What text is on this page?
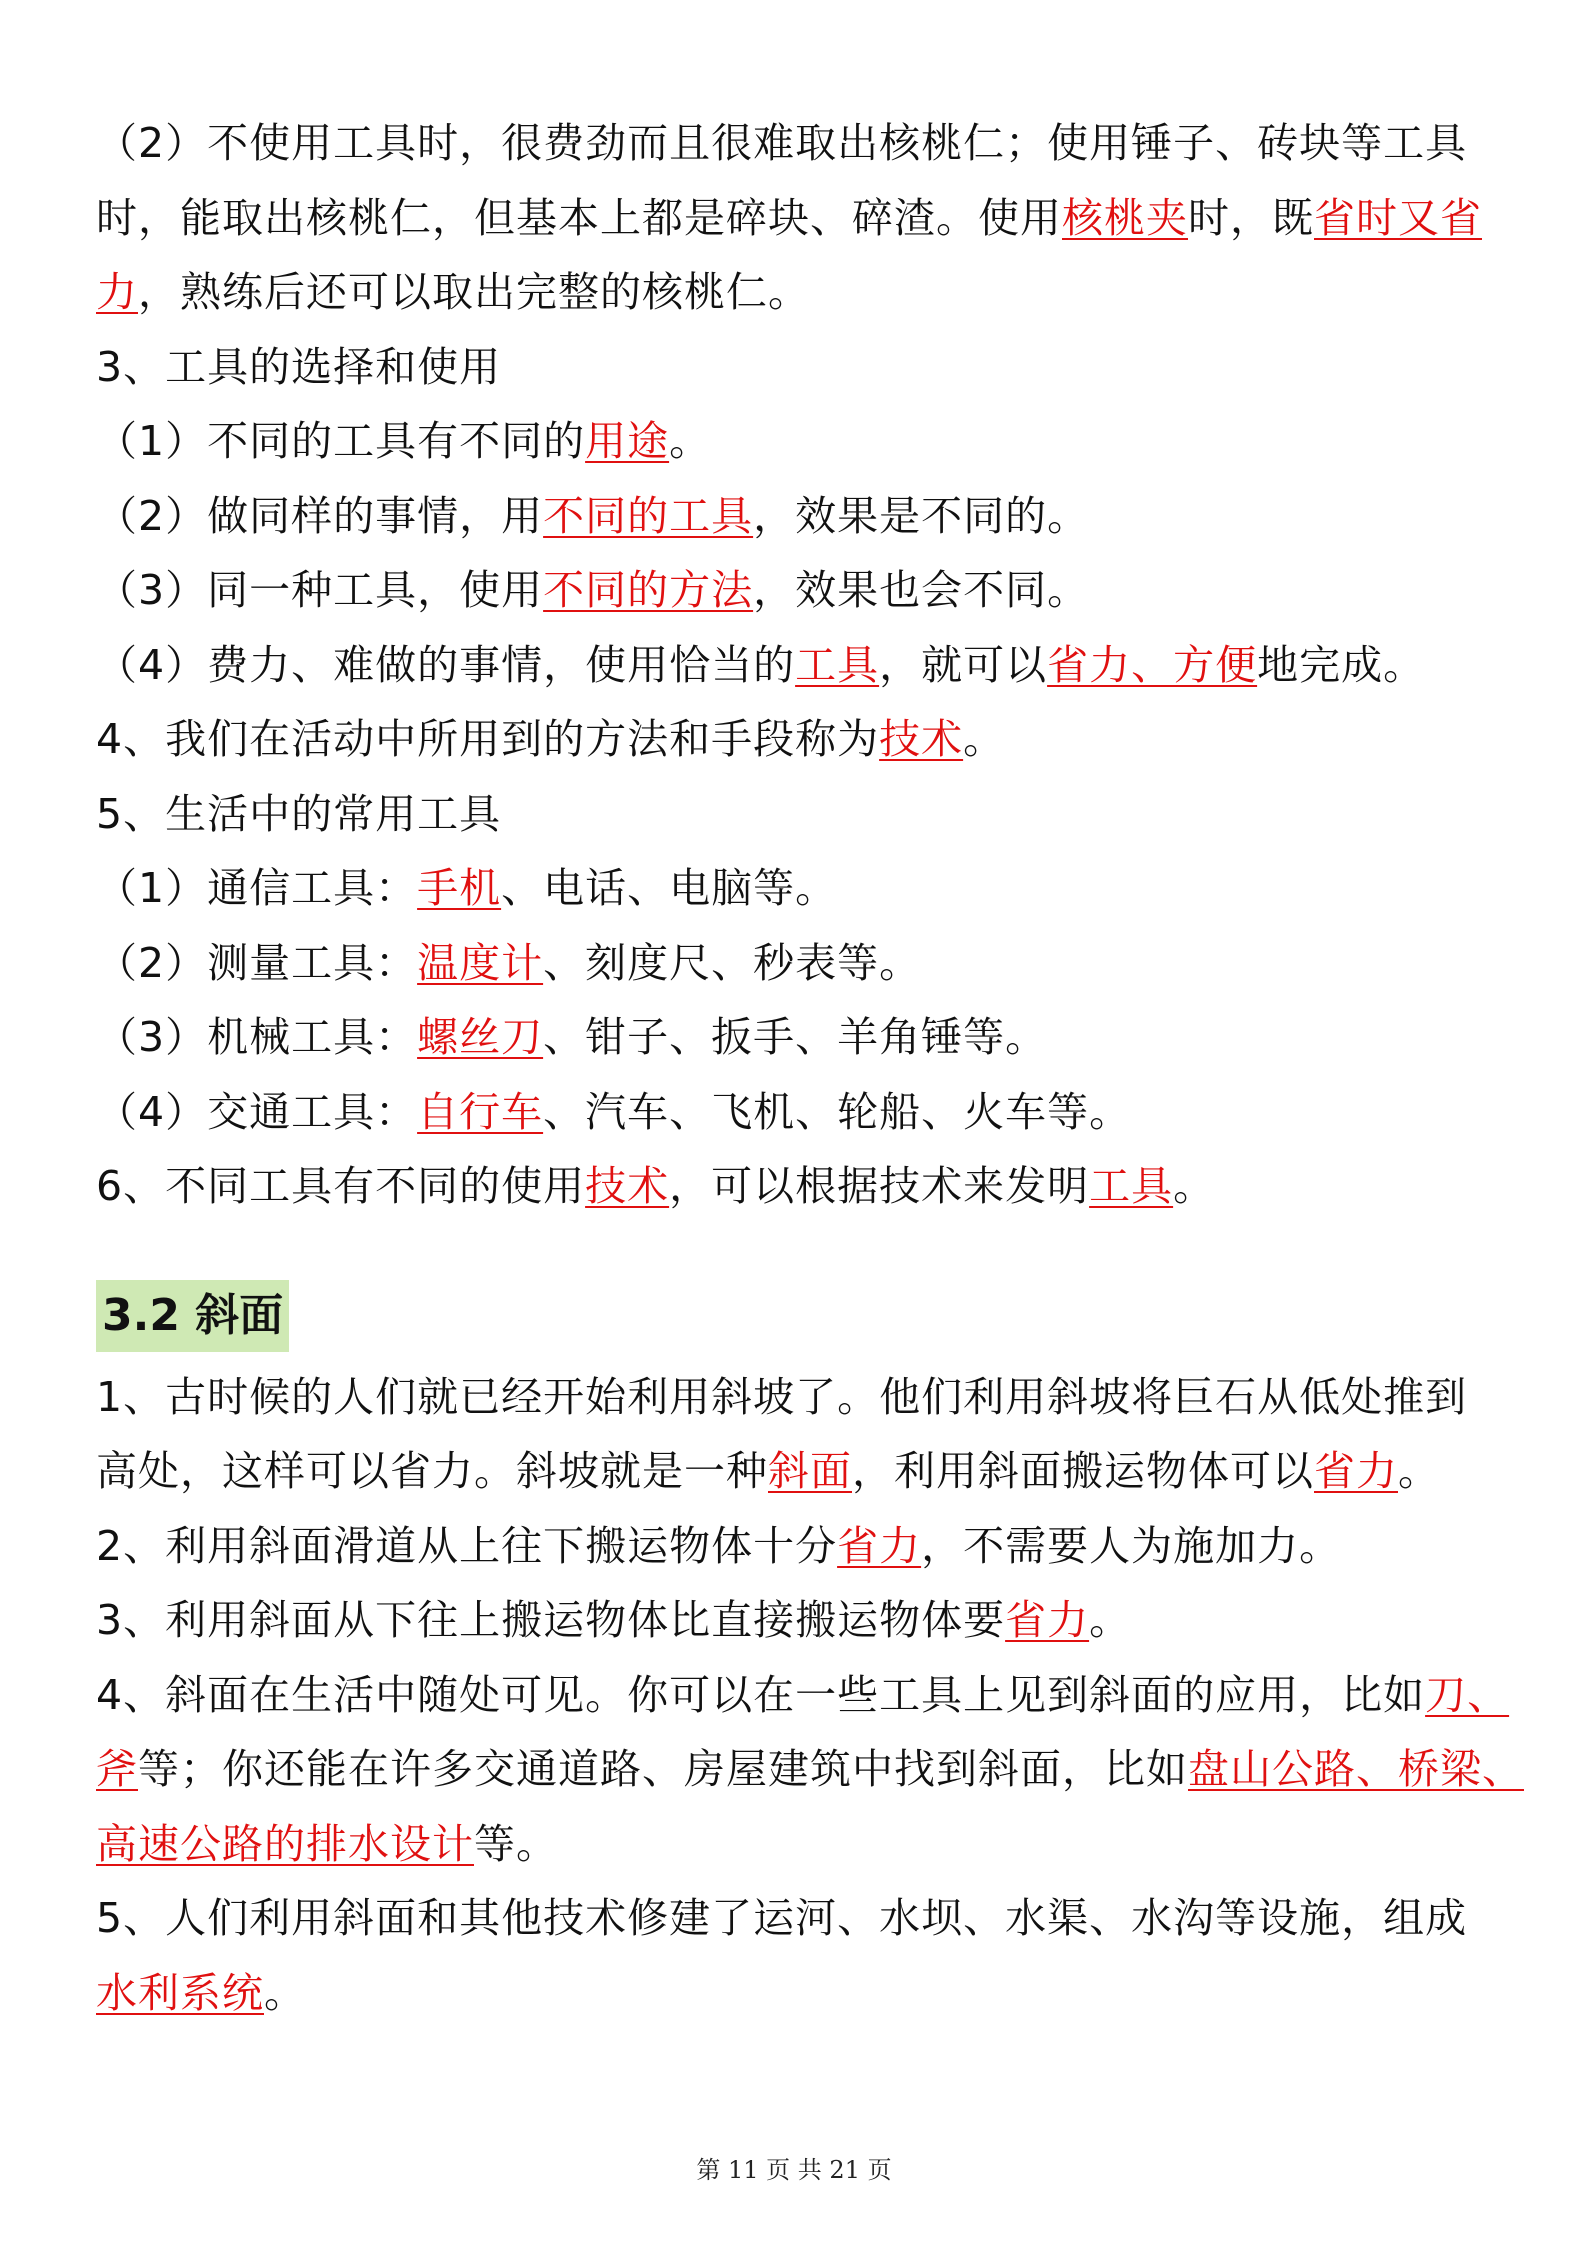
（2）不使用工具时，很费劲而且很难取出核桃仁；使用锤子、砖块等工具
时，能取出核桃仁，但基本上都是碎块、碎渣。使用核桃夹时，既省时又省
力，熟练后还可以取出完整的核桃仁。
3、工具的选择和使用
（1）不同的工具有不同的用途。
（2）做同样的事情，用不同的工具，效果是不同的。
（3）同一种工具，使用不同的方法，效果也会不同。
（4）费力、难做的事情，使用恰当的工具，就可以省力、方便地完成。
4、我们在活动中所用到的方法和手段称为技术。
5、生活中的常用工具
（1）通信工具：手机、电话、电脑等。
（2）测量工具：温度计、刻度尺、秒表等。
（3）机械工具：螺丝刀、钳子、扳手、羊角锤等。
（4）交通工具：自行车、汽车、飞机、轮船、火车等。
6、不同工具有不同的使用技术，可以根据技术来发明工具。
3.2 斜面
1、古时候的人们就已经开始利用斜坡了。他们利用斜坡将巨石从低处推到
高处，这样可以省力。斜坡就是一种斜面，利用斜面搬运物体可以省力。
2、利用斜面滑道从上往下搬运物体十分省力，不需要人为施加力。
3、利用斜面从下往上搬运物体比直接搬运物体要省力。
4、斜面在生活中随处可见。你可以在一些工具上见到斜面的应用，比如刀、
斧等；你还能在许多交通道路、房屋建筑中找到斜面，比如盘山公路、桥梁、
高速公路的排水设计等。
5、人们利用斜面和其他技术修建了运河、水坝、水渠、水沟等设施，组成
水利系统。
第 11 页 共 21 页
